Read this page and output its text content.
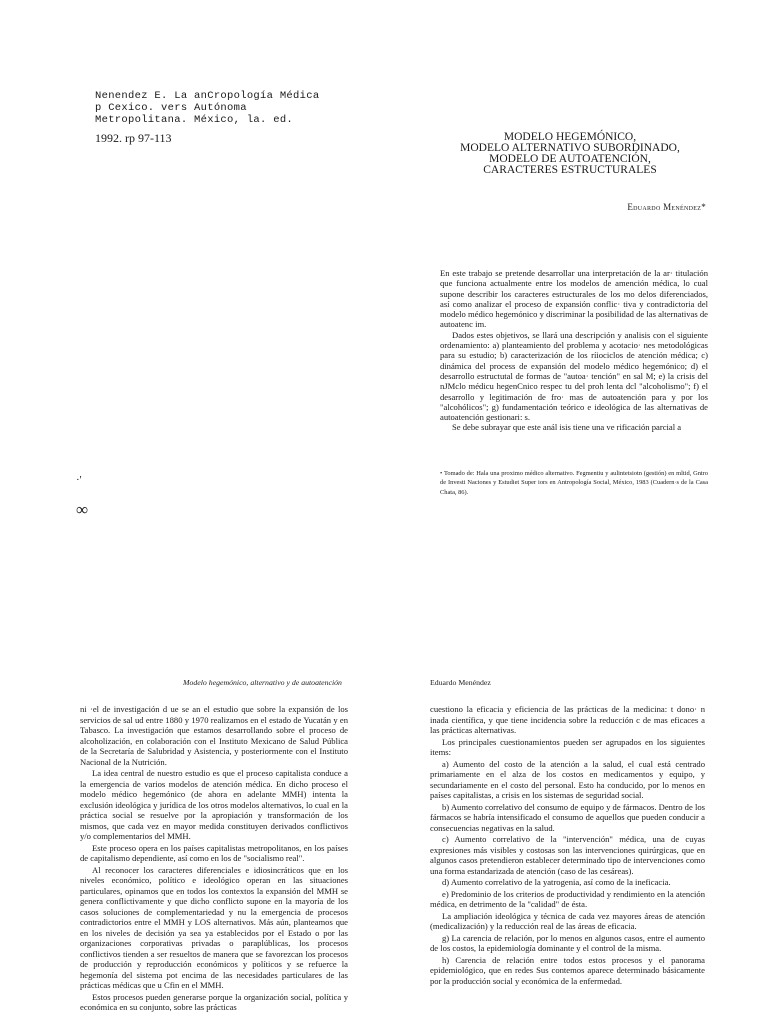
Nenendez E. La anCropología Médica
p Cexico. vers Autónoma
Metropolitana. México, la. ed.
1992. rp 97-113	MODELO HEGEMÓNICO,
MODELO ALTERNATIVO SUBORDINADO,
MODELO DE AUTOATENCIÓN,
CARACTERES ESTRUCTURALES
Eduardo Menéndez*

En este trabajo se pretende desarrollar una interpretación de la ar· titulación que funciona actualmente entre los modelos de amención médica, lo cual supone describir los caracteres estructurales de los mo delos diferenciados, así como analizar el proceso de expansión conflic· tiva y contradictoria del modelo médico hegemónico y discriminar la posibilidad de las alternativas de autoatenc im.

Dados estes objetivos, se llará una descripción y analisis con el siguiente ordenamiento: a) planteamiento del problema y acotacio· nes metodológicas para su estudio; b) caracterización de los ríiociclos de atención médica; c) dinámica del process de expansión del modelo médico hegemónico; d) el desarrollo estructutal de formas de "autoa· tención" en sal M; e) la crisis del nJMclo médicu hegenCnico respec tu del proh lenta dcl "alcoholismo"; f) el desarrollo y legitimación de fro· mas de autoatención para y por los "alcohólicos"; g) fundamentación teórico e ideológica de las alternativas de autoatención gestionari: s.

Se debe subrayar que este anál isis tiene una ve rificación parcial a

• Tomado de: Hala una proximo médico alternativo. Fegmentiu y aulintetsiotn (gestión) en mltid, Gntro de Investi Naciones y Estudiet Super iors en Antropología Social, México, 1983 (Cuadern·s de la Casa Chata, 86).
·'
∞
Modelo hegemónico, alternativo y de autoatención	Eduardo Menéndez

ni ·el de investigación d ue se an el estudio que sobre la expansión de los servicios de sal ud entre 1880 y 1970 realizamos en el estado de Yucatán y en Tabasco. La investigación que estamos desarrollando sobre el proceso de alcoholización, en colaboración con el Instituto Mexicano de Salud Pública de la Secretaría de Salubridad y Asistencia, y posteriormente con el Instituto Nacional de la Nutrición.

La idea central de nuestro estudio es que el proceso capitalista conduce a la emergencia de varios modelos de atención médica. En dicho proceso el modelo médico hegemónico (de ahora en adelante MMH) intenta la exclusión ideológica y jurídica de los otros modelos alternativos, lo cual en la práctica social se resuelve por la apropiación y transformación de los mismos, que cada vez en mayor medida constituyen derivados conflictivos y/o complementarios del MMH.

Este proceso opera en los países capitalistas metropolitanos, en los países de capitalismo dependiente, así como en los de "socialismo real".

Al reconocer los caracteres diferenciales e idiosincráticos que en los niveles económico, político e ideológico operan en las situaciones particulares, opinamos que en todos los contextos la expansión del MMH se genera conflictivamente y que dicho conflicto supone en la mayoría de los casos soluciones de complementariedad y nu la emergencia de procesos contradictorios entre el MMH y LOS alternativos. Más aún, planteamos que en los niveles de decisión ya sea ya establecidos por el Estado o por las organizaciones corporativas privadas o paraplúblicas, los procesos conflictivos tienden a ser resueltos de manera que se favorezcan los procesos de producción y reproducción económicos y políticos y se refuerce la hegemonía del sistema pot encima de las necesidades particulares de las prácticas médicas que u Cfin en el MMH.

Estos procesos pueden generarse porque la organización social, política y económica en su conjunto, sobre las prácticas

cuestiono la eficacia y eficiencia de las prácticas de la medicina: t dono· n inada científica, y que tiene incidencia sobre la reducción c de mas eficaces a las prácticas alternativas.

Los principales cuestionamientos pueden ser agrupados en los siguientes items:

a) Aumento del costo de la atención a la salud, el cual está centrado primariamente en el alza de los costos en medicamentos y equipo, y secundariamente en el costo del personal. Esto ha conducido, por lo menos en países capitalistas, a crisis en los sistemas de seguridad social.

b) Aumento correlativo del consumo de equipo y de fármacos. Dentro de los fármacos se habría intensificado el consumo de aquellos que pueden conducir a consecuencias negativas en la salud.

c) Aumento correlativo de la "intervención" médica, una de cuyas expresiones más visibles y costosas son las intervenciones quirúrgicas, que en algunos casos pretendieron establecer determinado tipo de intervenciones como una forma estandarizada de atención (caso de las cesáreas).

d) Aumento correlativo de la yatrogenia, así como de la ineficacia.

e) Predominio de los criterios de productividad y rendimiento en la atención médica, en detrimento de la "calidad" de ésta.

La ampliación ideológica y técnica de cada vez mayores áreas de atención (medicalización) y la reducción real de las áreas de eficacia.

g) La carencia de relación, por lo menos en algunos casos, entre el aumento de los costos, la epidemiología dominante y el control de la misma.

h) Carencia de relación entre todos estos procesos y el panorama epidemiológico, que en redes Sus contemos aparece determinado básicamente por la producción social y económica de la enfermedad.
